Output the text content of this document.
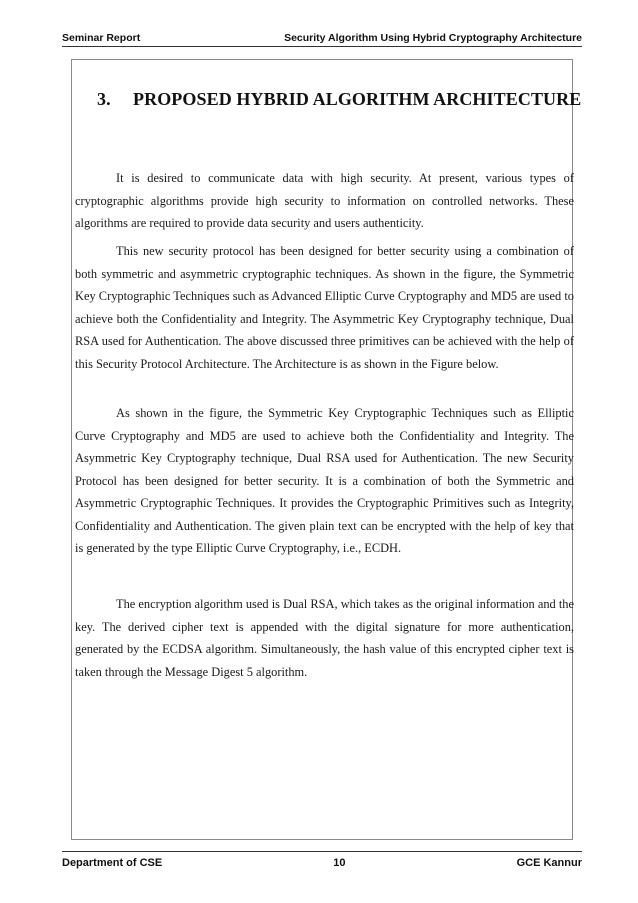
Seminar Report	Security Algorithm Using Hybrid Cryptography Architecture
3. PROPOSED HYBRID ALGORITHM ARCHITECTURE

It is desired to communicate data with high security. At present, various types of cryptographic algorithms provide high security to information on controlled networks. These algorithms are required to provide data security and users authenticity.

This new security protocol has been designed for better security using a combination of both symmetric and asymmetric cryptographic techniques. As shown in the figure, the Symmetric Key Cryptographic Techniques such as Advanced Elliptic Curve Cryptography and MD5 are used to achieve both the Confidentiality and Integrity. The Asymmetric Key Cryptography technique, Dual RSA used for Authentication. The above discussed three primitives can be achieved with the help of this Security Protocol Architecture. The Architecture is as shown in the Figure below.

As shown in the figure, the Symmetric Key Cryptographic Techniques such as Elliptic Curve Cryptography and MD5 are used to achieve both the Confidentiality and Integrity. The Asymmetric Key Cryptography technique, Dual RSA used for Authentication. The new Security Protocol has been designed for better security. It is a combination of both the Symmetric and Asymmetric Cryptographic Techniques. It provides the Cryptographic Primitives such as Integrity, Confidentiality and Authentication. The given plain text can be encrypted with the help of key that is generated by the type Elliptic Curve Cryptography, i.e., ECDH.

The encryption algorithm used is Dual RSA, which takes as the original information and the key. The derived cipher text is appended with the digital signature for more authentication, generated by the ECDSA algorithm. Simultaneously, the hash value of this encrypted cipher text is taken through the Message Digest 5 algorithm.

Department of CSE	10	GCE Kannur
